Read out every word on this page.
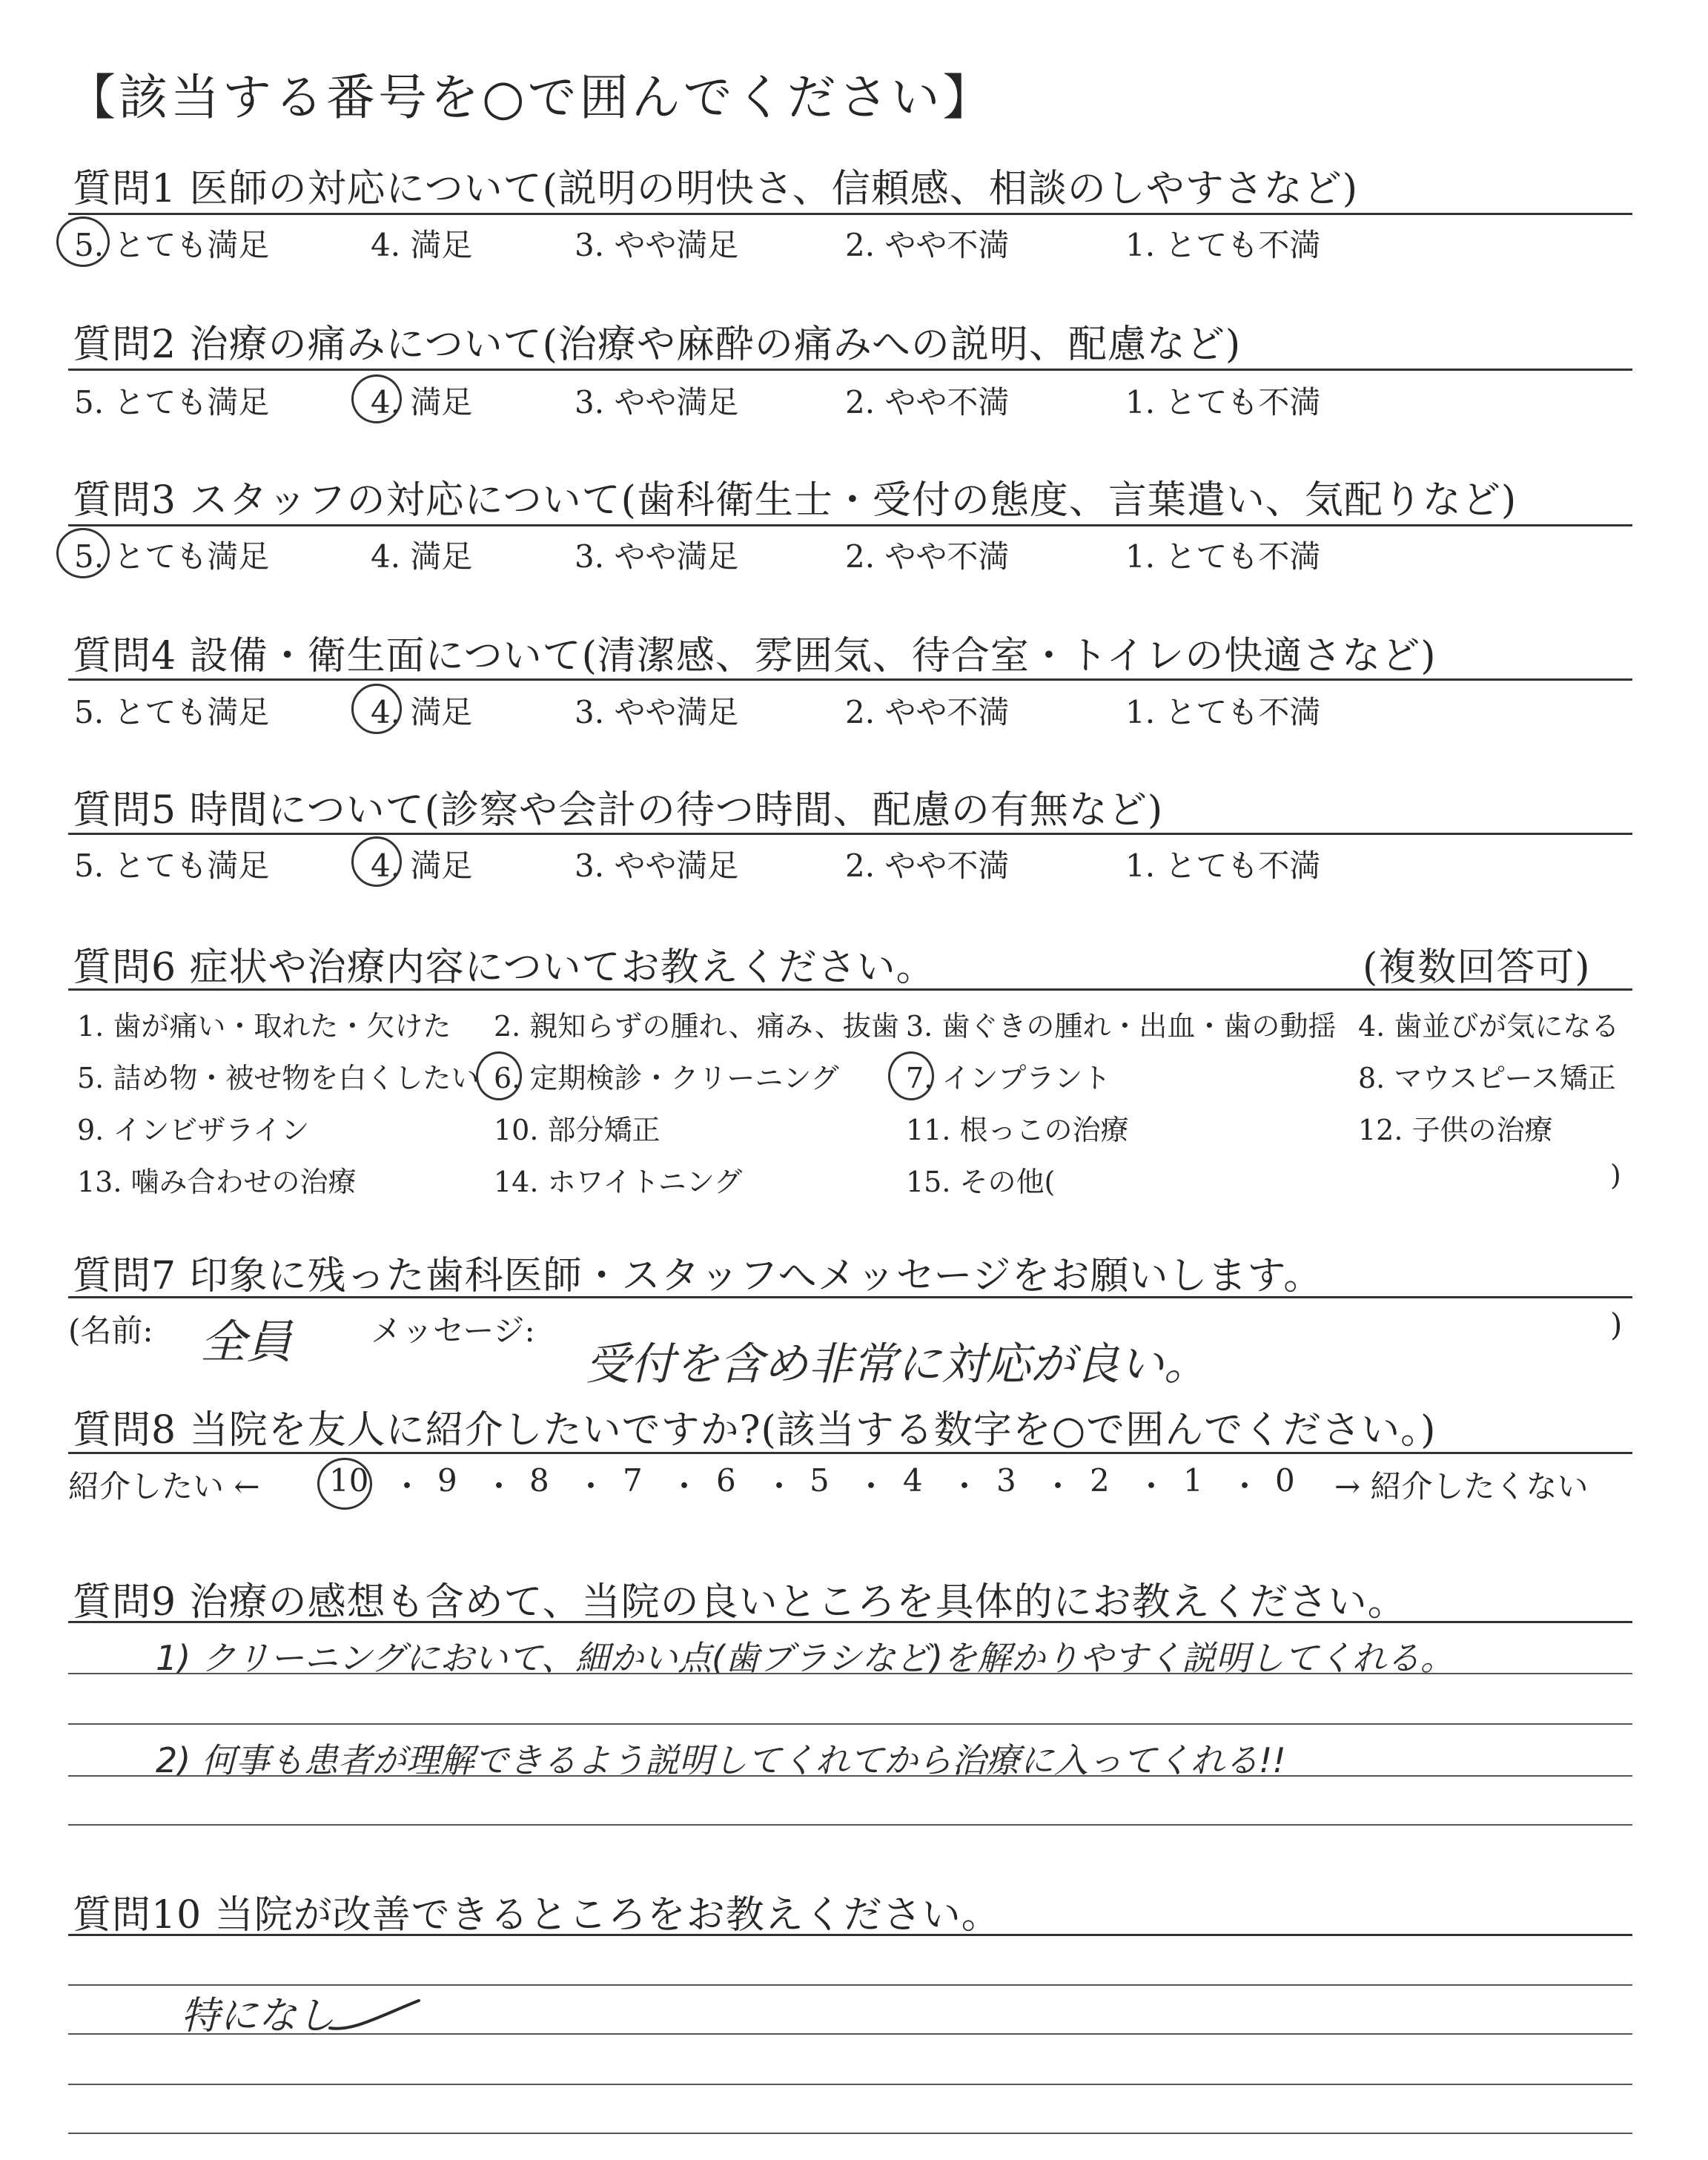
【該当する番号を○で囲んでください】
質問1 医師の対応について(説明の明快さ、信頼感、相談のしやすさなど)
5. とても満足	4. 満足	3. やや満足	2. やや不満	1. とても不満
質問2 治療の痛みについて(治療や麻酔の痛みへの説明、配慮など)
5. とても満足	4. 満足	3. やや満足	2. やや不満	1. とても不満
質問3 スタッフの対応について(歯科衛生士・受付の態度、言葉遣い、気配りなど)
5. とても満足	4. 満足	3. やや満足	2. やや不満	1. とても不満
質問4 設備・衛生面について(清潔感、雰囲気、待合室・トイレの快適さなど)
5. とても満足	4. 満足	3. やや満足	2. やや不満	1. とても不満
質問5 時間について(診察や会計の待つ時間、配慮の有無など)
5. とても満足	4. 満足	3. やや満足	2. やや不満	1. とても不満
質問6 症状や治療内容についてお教えください。	(複数回答可)
1. 歯が痛い・取れた・欠けた 2. 親知らずの腫れ、痛み、抜歯 3. 歯ぐきの腫れ・出血・歯の動揺 4. 歯並びが気になる
5. 詰め物・被せ物を白くしたい 6. 定期検診・クリーニング 7. インプラント	8. マウスピース矯正
9. インビザライン	10. 部分矯正	11. 根っこの治療	12. 子供の治療
13. 噛み合わせの治療	14. ホワイトニング	15. その他(	)
質問7 印象に残った歯科医師・スタッフへメッセージをお願いします。
(名前: 全員	メッセージ:
受付を含め非常に対応が良い。
)
質問8 当院を友人に紹介したいですか?(該当する数字を○で囲んでください。)
紹介したい ← 10 ・ 9 ・ 8 ・ 7 ・ 6 ・ 5 ・ 4 ・ 3 ・ 2 ・ 1 ・ 0 → 紹介したくない
質問9 治療の感想も含めて、当院の良いところを具体的にお教えください。
1) クリーニングにおいて、細かい点(歯ブラシなど)を解かりやすく説明してくれる。
2) 何事も患者が理解できるよう説明してくれてから治療に入ってくれる!!
質問10 当院が改善できるところをお教えください。
特になし
